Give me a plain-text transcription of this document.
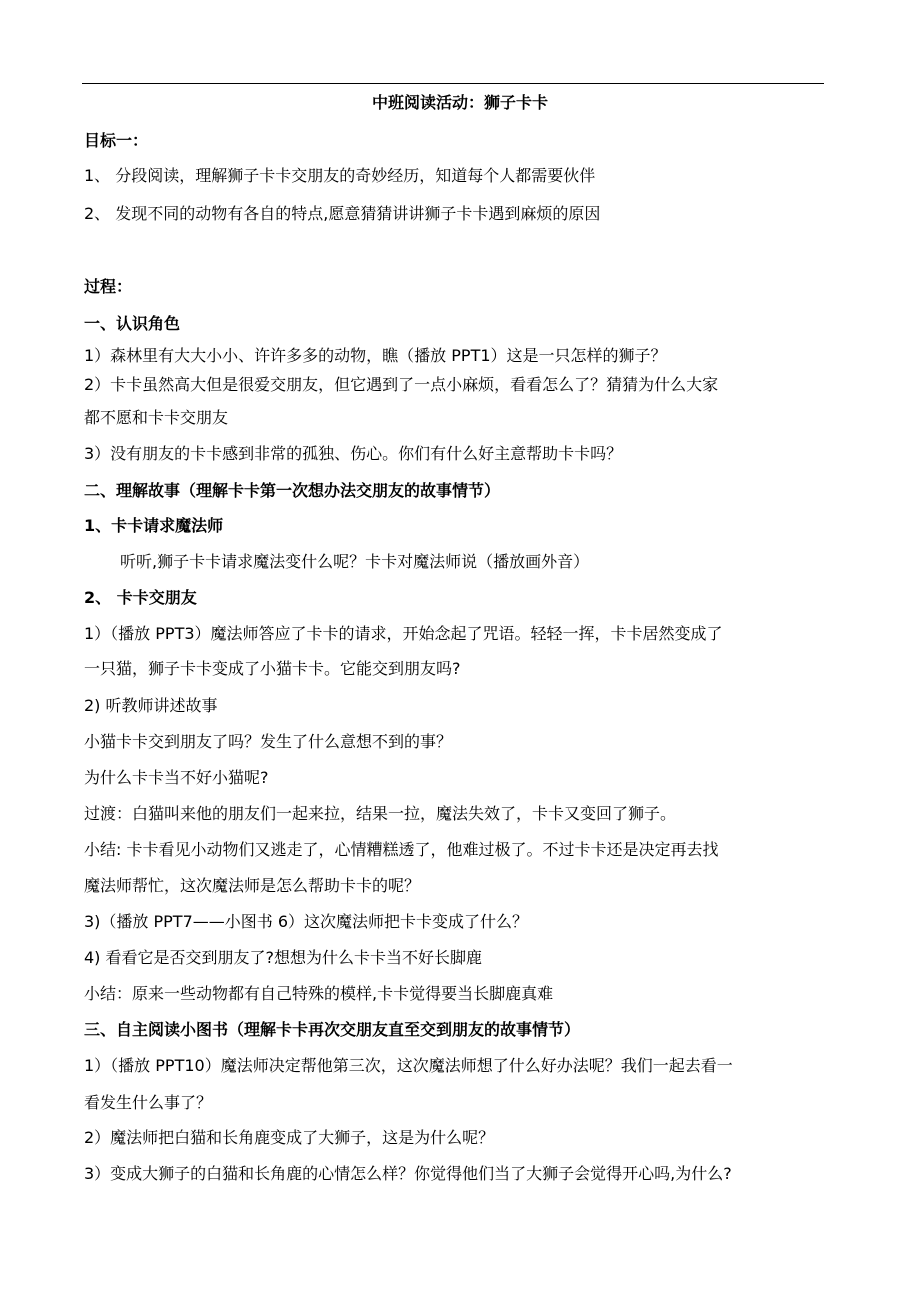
中班阅读活动：狮子卡卡
目标一：
1、 分段阅读，理解狮子卡卡交朋友的奇妙经历，知道每个人都需要伙伴
2、 发现不同的动物有各自的特点,愿意猜猜讲讲狮子卡卡遇到麻烦的原因
过程：
一、认识角色
1）森林里有大大小小、许许多多的动物，瞧（播放 PPT1）这是一只怎样的狮子？
2）卡卡虽然高大但是很爱交朋友，但它遇到了一点小麻烦，看看怎么了？猜猜为什么大家
都不愿和卡卡交朋友
3）没有朋友的卡卡感到非常的孤独、伤心。你们有什么好主意帮助卡卡吗？
二、理解故事（理解卡卡第一次想办法交朋友的故事情节）
1、卡卡请求魔法师
听听,狮子卡卡请求魔法变什么呢？卡卡对魔法师说（播放画外音）
2、 卡卡交朋友
1）（播放 PPT3）魔法师答应了卡卡的请求，开始念起了咒语。轻轻一挥，卡卡居然变成了
一只猫，狮子卡卡变成了小猫卡卡。它能交到朋友吗?
2) 听教师讲述故事
小猫卡卡交到朋友了吗？发生了什么意想不到的事？
为什么卡卡当不好小猫呢?
过渡：白猫叫来他的朋友们一起来拉，结果一拉，魔法失效了，卡卡又变回了狮子。
小结: 卡卡看见小动物们又逃走了，心情糟糕透了，他难过极了。不过卡卡还是决定再去找
魔法师帮忙，这次魔法师是怎么帮助卡卡的呢？
3)（播放 PPT7——小图书 6）这次魔法师把卡卡变成了什么？
4) 看看它是否交到朋友了?想想为什么卡卡当不好长脚鹿
小结：原来一些动物都有自己特殊的模样,卡卡觉得要当长脚鹿真难
三、自主阅读小图书（理解卡卡再次交朋友直至交到朋友的故事情节）
1）（播放 PPT10）魔法师决定帮他第三次，这次魔法师想了什么好办法呢？我们一起去看一
看发生什么事了？
2）魔法师把白猫和长角鹿变成了大狮子，这是为什么呢？
3）变成大狮子的白猫和长角鹿的心情怎么样？你觉得他们当了大狮子会觉得开心吗,为什么?
